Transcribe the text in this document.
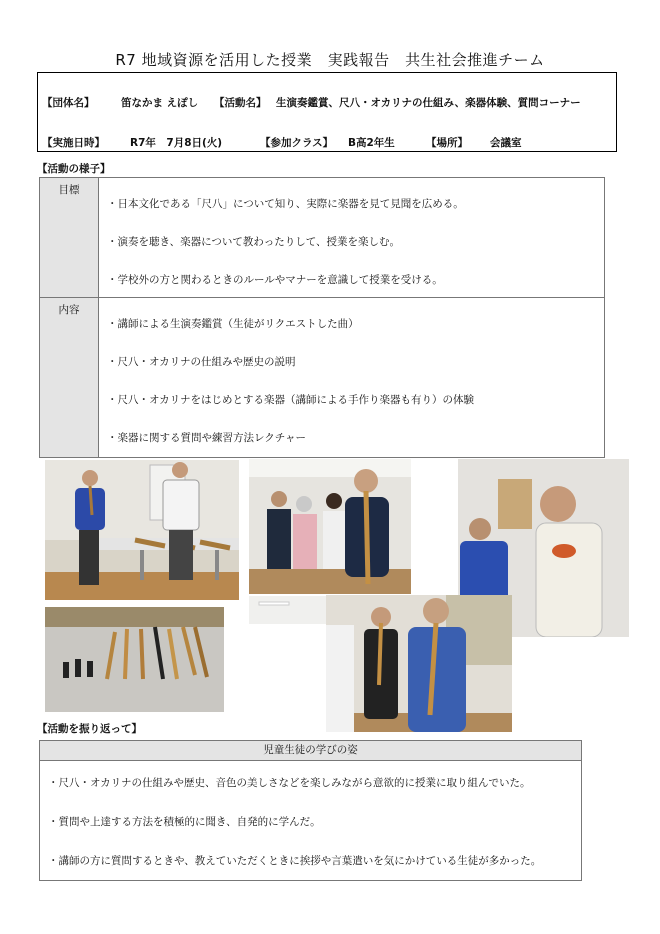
R7 地域資源を活用した授業　実践報告　共生社会推進チーム
【団体名】	笛なかま えぽし 【活動名】 生演奏鑑賞、尺八・オカリナの仕組み、楽器体験、質問コーナー
【実施日時】 R7年　7月8日(火)	【参加クラス】 B高2年生	【場所】 会議室
【活動の様子】
目標	・日本文化である「尺八」について知り、実際に楽器を見て見聞を広める。
・演奏を聴き、楽器について教わったりして、授業を楽しむ。
・学校外の方と関わるときのルールやマナーを意識して授業を受ける。

内容	・講師による生演奏鑑賞（生徒がリクエストした曲）
・尺八・オカリナの仕組みや歴史の説明
・尺八・オカリナをはじめとする楽器（講師による手作り楽器も有り）の体験
・楽器に関する質問や練習方法レクチャー
【活動を振り返って】
児童生徒の学びの姿
・尺八・オカリナの仕組みや歴史、音色の美しさなどを楽しみながら意欲的に授業に取り組んでいた。
・質問や上達する方法を積極的に聞き、自発的に学んだ。
・講師の方に質問するときや、教えていただくときに挨拶や言葉遣いを気にかけている生徒が多かった。
